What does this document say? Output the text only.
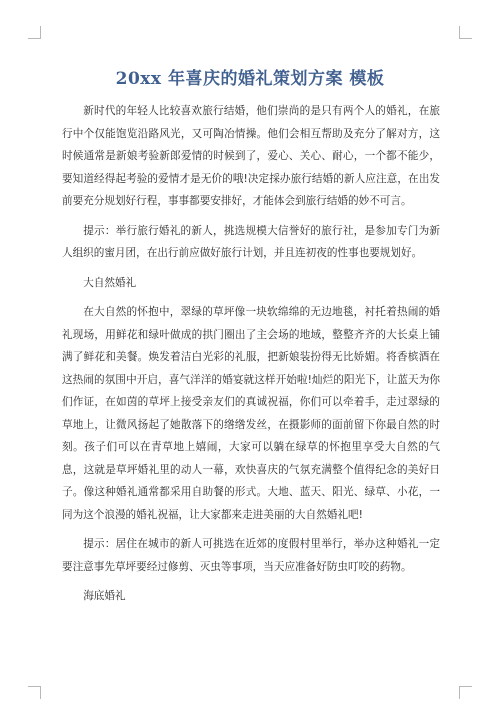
20xx 年喜庆的婚礼策划方案 模板

新时代的年轻人比较喜欢旅行结婚，他们崇尚的是只有两个人的婚礼，在旅行中个仅能饱览沿路风光，又可陶冶情操。他们会相互帮助及充分了解对方，这时候通常是新娘考验新郎爱情的时候到了，爱心、关心、耐心，一个都不能少，要知道经得起考验的爱情才是无价的哦!决定採办旅行结婚的新人应注意，在出发前要充分规划好行程，事事都要安排好，才能体会到旅行结婚的妙不可言。

提示：举行旅行婚礼的新人，挑选规模大信誉好的旅行社，是参加专门为新人组织的蜜月团，在出行前应做好旅行计划，并且连初夜的性事也要规划好。

大自然婚礼

在大自然的怀抱中，翠绿的草坪像一块软绵绵的无边地毯，衬托着热闹的婚礼现场，用鲜花和绿叶做成的拱门圈出了主会场的地域，整整齐齐的大长桌上铺满了鲜花和美餐。焕发着洁白光彩的礼服，把新娘装扮得无比娇媚。将香槟酒在这热闹的氛围中开启，喜气洋洋的婚宴就这样开始啦!灿烂的阳光下，让蓝天为你们作证，在如茵的草坪上接受亲友们的真诚祝福，你们可以牵着手，走过翠绿的草地上，让微风扬起了她散落下的绺绺发丝，在摄影师的面前留下你最自然的时刻。孩子们可以在青草地上嬉闹，大家可以躺在绿草的怀抱里享受大自然的气息，这就是草坪婚礼里的动人一幕，欢快喜庆的气氛充满整个值得纪念的美好日子。像这种婚礼通常都采用自助餐的形式。大地、蓝天、阳光、绿草、小花，一同为这个浪漫的婚礼祝福，让大家都来走进美丽的大自然婚礼吧!

提示：居住在城市的新人可挑选在近郊的度假村里举行，举办这种婚礼一定要注意事先草坪要经过修剪、灭虫等事项，当天应准备好防虫叮咬的药物。

海底婚礼
